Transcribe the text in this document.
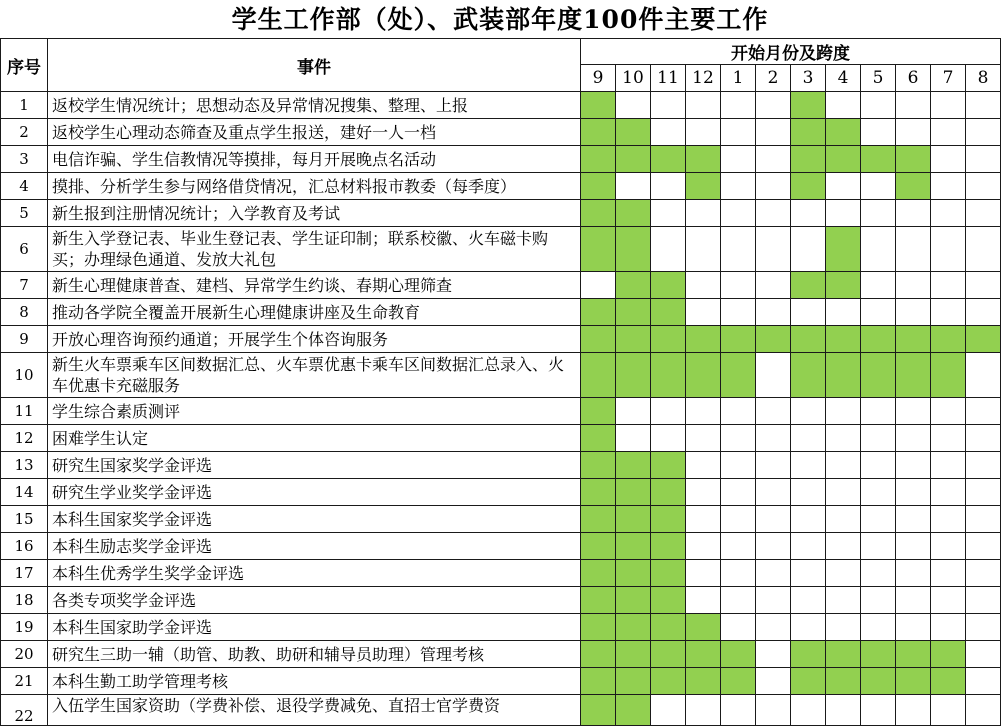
学生工作部（处）、武装部年度100件主要工作
序号	事件	开始月份及跨度											
		9	10	11	12	1	2	3	4	5	6	7	8
1	返校学生情况统计；思想动态及异常情况搜集、整理、上报												
2	返校学生心理动态筛查及重点学生报送，建好一人一档												
3	电信诈骗、学生信教情况等摸排，每月开展晚点名活动												
4	摸排、分析学生参与网络借贷情况，汇总材料报市教委（每季度）												
5	新生报到注册情况统计；入学教育及考试												
6	新生入学登记表、毕业生登记表、学生证印制；联系校徽、火车磁卡购买；办理绿色通道、发放大礼包												
7	新生心理健康普查、建档、异常学生约谈、春期心理筛查												
8	推动各学院全覆盖开展新生心理健康讲座及生命教育												
9	开放心理咨询预约通道；开展学生个体咨询服务												
10	新生火车票乘车区间数据汇总、火车票优惠卡乘车区间数据汇总录入、火车优惠卡充磁服务												
11	学生综合素质测评												
12	困难学生认定												
13	研究生国家奖学金评选												
14	研究生学业奖学金评选												
15	本科生国家奖学金评选												
16	本科生励志奖学金评选												
17	本科生优秀学生奖学金评选												
18	各类专项奖学金评选												
19	本科生国家助学金评选												
20	研究生三助一辅（助管、助教、助研和辅导员助理）管理考核												
21	本科生勤工助学管理考核												
22	入伍学生国家资助（学费补偿、退役学费减免、直招士官学费资												
